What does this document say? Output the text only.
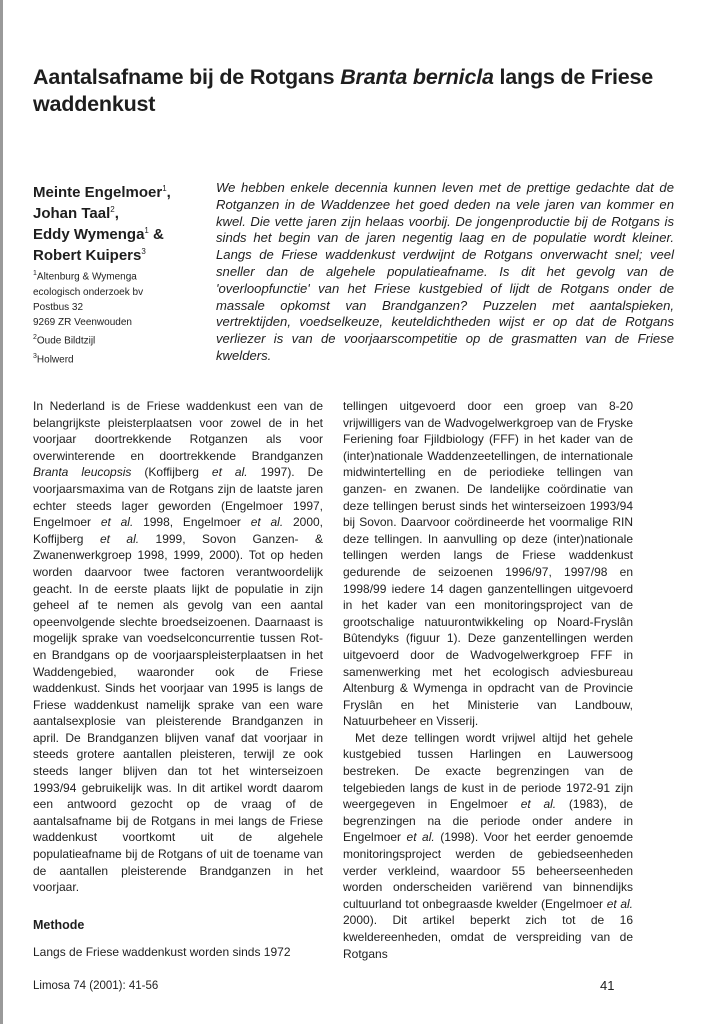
Aantalsafname bij de Rotgans Branta bernicla langs de Friese waddenkust
Meinte Engelmoer$^1$,
Johan Taal$^2$,
Eddy Wymenga$^1$ &
Robert Kuipers$^3$
$^1$Altenburg & Wymenga
ecologisch onderzoek bv
Postbus 32
9269 ZR Veenwouden
$^2$Oude Bildtzijl
$^3$Holwerd
We hebben enkele decennia kunnen leven met de prettige gedachte dat de Rotganzen in de Waddenzee het goed deden na vele jaren van kommer en kwel. Die vette jaren zijn helaas voorbij. De jongenproductie bij de Rotgans is sinds het begin van de jaren negentig laag en de populatie wordt kleiner. Langs de Friese waddenkust verdwijnt de Rotgans onverwacht snel; veel sneller dan de algehele populatieafname. Is dit het gevolg van de 'overloopfunctie' van het Friese kustgebied of lijdt de Rotgans onder de massale opkomst van Brandganzen? Puzzelen met aantalspieken, vertrektijden, voedselkeuze, keuteldichtheden wijst er op dat de Rotgans verliezer is van de voorjaarscompetitie op de grasmatten van de Friese kwelders.

In Nederland is de Friese waddenkust een van de belangrijkste pleisterplaatsen voor zowel de in het voorjaar doortrekkende Rotganzen als voor overwinterende en doortrekkende Brandganzen Branta leucopsis (Koffijberg et al. 1997). De voorjaarsmaxima van de Rotgans zijn de laatste jaren echter steeds lager geworden (Engelmoer 1997, Engelmoer et al. 1998, Engelmoer et al. 2000, Koffijberg et al. 1999, Sovon Ganzen- & Zwanenwerkgroep 1998, 1999, 2000). Tot op heden worden daarvoor twee factoren verantwoordelijk geacht. In de eerste plaats lijkt de populatie in zijn geheel af te nemen als gevolg van een aantal opeenvolgende slechte broedseizoenen. Daarnaast is mogelijk sprake van voedselconcurrentie tussen Rot- en Brandgans op de voorjaarspleisterplaatsen in het Waddengebied, waaronder ook de Friese waddenkust. Sinds het voorjaar van 1995 is langs de Friese waddenkust namelijk sprake van een ware aantalsexplosie van pleisterende Brandganzen in april. De Brandganzen blijven vanaf dat voorjaar in steeds grotere aantallen pleisteren, terwijl ze ook steeds langer blijven dan tot het winterseizoen 1993/94 gebruikelijk was. In dit artikel wordt daarom een antwoord gezocht op de vraag of de aantalsafname bij de Rotgans in mei langs de Friese waddenkust voortkomt uit de algehele populatieafname bij de Rotgans of uit de toename van de aantallen pleisterende Brandganzen in het voorjaar.

Methode
Langs de Friese waddenkust worden sinds 1972

tellingen uitgevoerd door een groep van 8-20 vrijwilligers van de Wadvogelwerkgroep van de Fryske Feriening foar Fjildbiology (FFF) in het kader van de (inter)nationale Waddenzeetellingen, de internationale midwintertelling en de periodieke tellingen van ganzen- en zwanen. De landelijke coördinatie van deze tellingen berust sinds het winterseizoen 1993/94 bij Sovon. Daarvoor coördineerde het voormalige RIN deze tellingen. In aanvulling op deze (inter)nationale tellingen werden langs de Friese waddenkust gedurende de seizoenen 1996/97, 1997/98 en 1998/99 iedere 14 dagen ganzentellingen uitgevoerd in het kader van een monitoringsproject van de grootschalige natuurontwikkeling op Noard-Fryslân Bûtendyks (figuur 1). Deze ganzentellingen werden uitgevoerd door de Wadvogelwerkgroep FFF in samenwerking met het ecologisch adviesbureau Altenburg & Wymenga in opdracht van de Provincie Fryslân en het Ministerie van Landbouw, Natuurbeheer en Visserij.

Met deze tellingen wordt vrijwel altijd het gehele kustgebied tussen Harlingen en Lauwersoog bestreken. De exacte begrenzingen van de telgebieden langs de kust in de periode 1972-91 zijn weergegeven in Engelmoer et al. (1983), de begrenzingen na die periode onder andere in Engelmoer et al. (1998). Voor het eerder genoemde monitoringsproject werden de gebiedseenheden verder verkleind, waardoor 55 beheerseenheden worden onderscheiden variërend van binnendijks cultuurland tot onbegraasde kwelder (Engelmoer et al. 2000). Dit artikel beperkt zich tot de 16 kweldereenheden, omdat de verspreiding van de Rotgans

Limosa 74 (2001): 41-56	41
